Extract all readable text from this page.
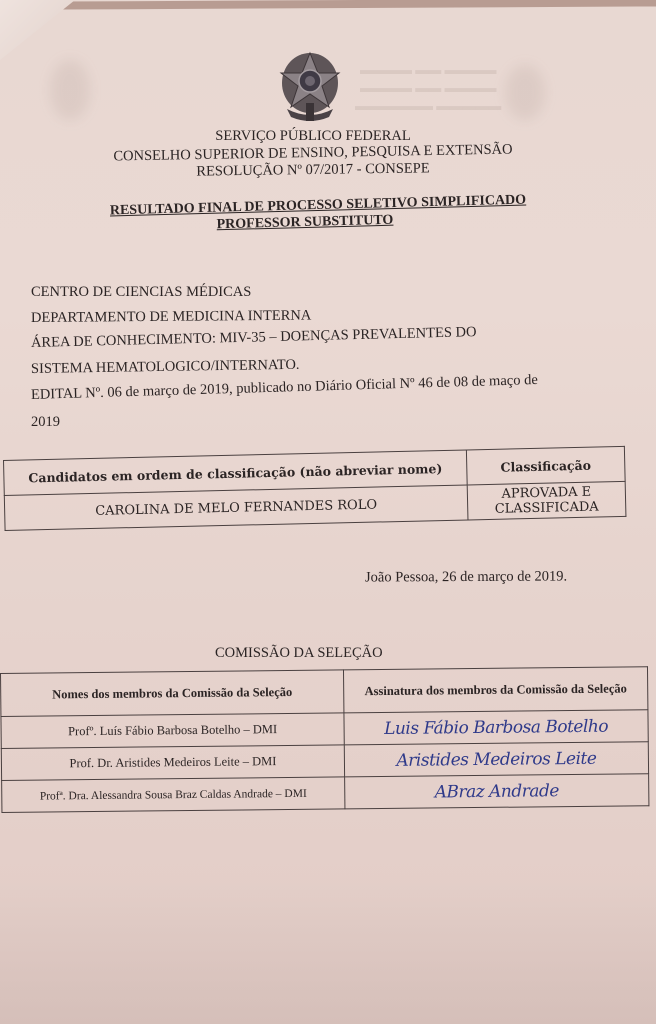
▬▬▬▬ ▬▬ ▬▬▬▬
▬▬▬▬ ▬▬ ▬▬▬▬
▬▬▬▬▬▬ ▬▬▬▬▬
SERVIÇO PÚBLICO FEDERAL
CONSELHO SUPERIOR DE ENSINO, PESQUISA E EXTENSÃO
RESOLUÇÃO Nº 07/2017 - CONSEPE
RESULTADO FINAL DE PROCESSO SELETIVO SIMPLIFICADO
PROFESSOR SUBSTITUTO
CENTRO DE CIENCIAS MÉDICAS
DEPARTAMENTO DE MEDICINA INTERNA
ÁREA DE CONHECIMENTO: MIV-35 – DOENÇAS PREVALENTES DO
SISTEMA HEMATOLOGICO/INTERNATO.
EDITAL Nº. 06 de março de 2019, publicado no Diário Oficial Nº 46 de 08 de maço de
2019
Candidatos em ordem de classificação (não abreviar nome)	Classificação
CAROLINA DE MELO FERNANDES ROLO	APROVADA E
CLASSIFICADA
João Pessoa, 26 de março de 2019.
COMISSÃO DA SELEÇÃO
Nomes dos membros da Comissão da Seleção	Assinatura dos membros da Comissão da Seleção
Profº. Luís Fábio Barbosa Botelho – DMI	Luis Fábio Barbosa Botelho
Prof. Dr. Aristides Medeiros Leite – DMI	Aristides Medeiros Leite
Profª. Dra. Alessandra Sousa Braz Caldas Andrade – DMI	ABraz Andrade
